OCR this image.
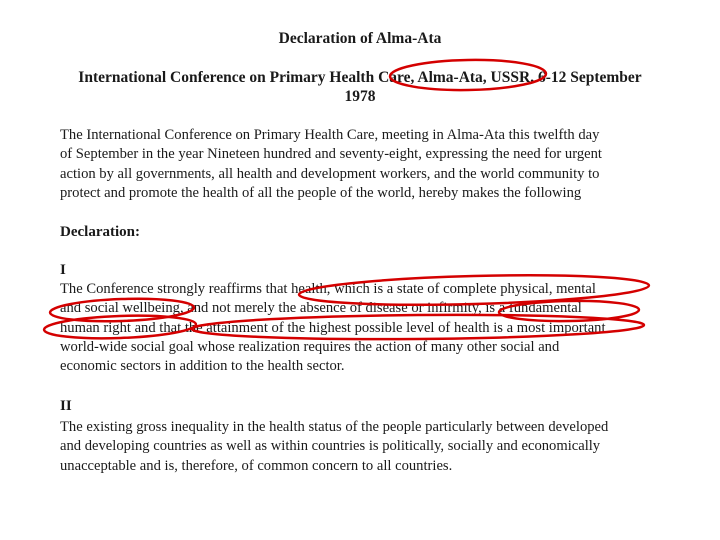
Declaration of Alma-Ata
International Conference on Primary Health Care, Alma-Ata, USSR, 6-12 September
1978
The International Conference on Primary Health Care, meeting in Alma-Ata this twelfth day
of September in the year Nineteen hundred and seventy-eight, expressing the need for urgent
action by all governments, all health and development workers, and the world community to
protect and promote the health of all the people of the world, hereby makes the following
Declaration:
I
The Conference strongly reaffirms that health, which is a state of complete physical, mental
and social wellbeing, and not merely the absence of disease or infirmity, is a fundamental
human right and that the attainment of the highest possible level of health is a most important
world-wide social goal whose realization requires the action of many other social and
economic sectors in addition to the health sector.
II
The existing gross inequality in the health status of the people particularly between developed
and developing countries as well as within countries is politically, socially and economically
unacceptable and is, therefore, of common concern to all countries.
